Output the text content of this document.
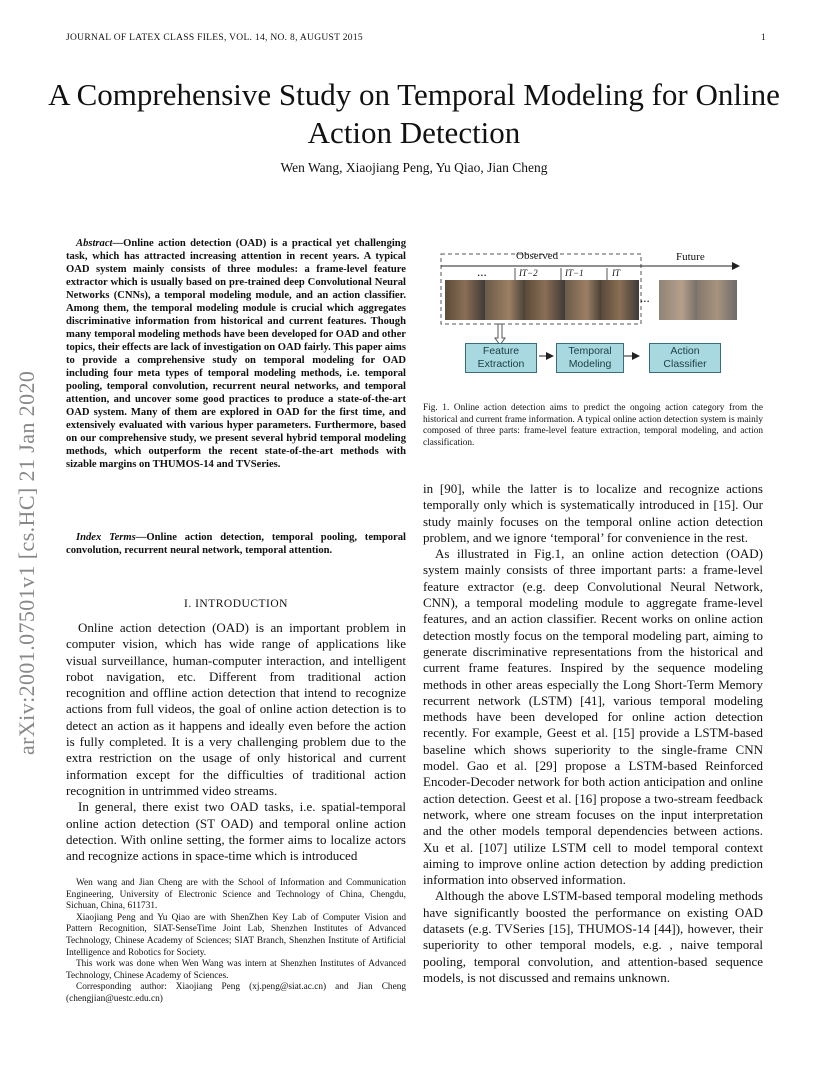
JOURNAL OF LATEX CLASS FILES, VOL. 14, NO. 8, AUGUST 2015	1
A Comprehensive Study on Temporal Modeling for Online Action Detection
Wen Wang, Xiaojiang Peng, Yu Qiao, Jian Cheng
arXiv:2001.07501v1 [cs.HC] 21 Jan 2020

Abstract—Online action detection (OAD) is a practical yet challenging task, which has attracted increasing attention in recent years. A typical OAD system mainly consists of three modules: a frame-level feature extractor which is usually based on pre-trained deep Convolutional Neural Networks (CNNs), a temporal modeling module, and an action classifier. Among them, the temporal modeling module is crucial which aggregates discriminative information from historical and current features. Though many temporal modeling methods have been developed for OAD and other topics, their effects are lack of investigation on OAD fairly. This paper aims to provide a comprehensive study on temporal modeling for OAD including four meta types of temporal modeling methods, i.e. temporal pooling, temporal convolution, recurrent neural networks, and temporal attention, and uncover some good practices to produce a state-of-the-art OAD system. Many of them are explored in OAD for the first time, and extensively evaluated with various hyper parameters. Furthermore, based on our comprehensive study, we present several hybrid temporal modeling methods, which outperform the recent state-of-the-art methods with sizable margins on THUMOS-14 and TVSeries.

Index Terms—Online action detection, temporal pooling, temporal convolution, recurrent neural network, temporal attention.

I. INTRODUCTION

Online action detection (OAD) is an important problem in computer vision, which has wide range of applications like visual surveillance, human-computer interaction, and intelligent robot navigation, etc. Different from traditional action recognition and offline action detection that intend to recognize actions from full videos, the goal of online action detection is to detect an action as it happens and ideally even before the action is fully completed. It is a very challenging problem due to the extra restriction on the usage of only historical and current information except for the difficulties of traditional action recognition in untrimmed video streams.

In general, there exist two OAD tasks, i.e. spatial-temporal online action detection (ST OAD) and temporal online action detection. With online setting, the former aims to localize actors and recognize actions in space-time which is introduced

Wen wang and Jian Cheng are with the School of Information and Communication Engineering, University of Electronic Science and Technology of China, Chengdu, Sichuan, China, 611731.

Xiaojiang Peng and Yu Qiao are with ShenZhen Key Lab of Computer Vision and Pattern Recognition, SIAT-SenseTime Joint Lab, Shenzhen Institutes of Advanced Technology, Chinese Academy of Sciences; SIAT Branch, Shenzhen Institute of Artificial Intelligence and Robotics for Society.

This work was done when Wen Wang was intern at Shenzhen Institutes of Advanced Technology, Chinese Academy of Sciences.

Corresponding author: Xiaojiang Peng (xj.peng@siat.ac.cn) and Jian Cheng (chengjian@uestc.edu.cn)

Observed	Future
...
...
IT−2	IT−1	IT
Feature Extraction
Temporal Modeling
Action Classifier
Fig. 1. Online action detection aims to predict the ongoing action category from the historical and current frame information. A typical online action detection system is mainly composed of three parts: frame-level feature extraction, temporal modeling, and action classification.

in [90], while the latter is to localize and recognize actions temporally only which is systematically introduced in [15]. Our study mainly focuses on the temporal online action detection problem, and we ignore ‘temporal’ for convenience in the rest.

As illustrated in Fig.1, an online action detection (OAD) system mainly consists of three important parts: a frame-level feature extractor (e.g. deep Convolutional Neural Network, CNN), a temporal modeling module to aggregate frame-level features, and an action classifier. Recent works on online action detection mostly focus on the temporal modeling part, aiming to generate discriminative representations from the historical and current frame features. Inspired by the sequence modeling methods in other areas especially the Long Short-Term Memory recurrent network (LSTM) [41], various temporal modeling methods have been developed for online action detection recently. For example, Geest et al. [15] provide a LSTM-based baseline which shows superiority to the single-frame CNN model. Gao et al. [29] propose a LSTM-based Reinforced Encoder-Decoder network for both action anticipation and online action detection. Geest et al. [16] propose a two-stream feedback network, where one stream focuses on the input interpretation and the other models temporal dependencies between actions. Xu et al. [107] utilize LSTM cell to model temporal context aiming to improve online action detection by adding prediction information into observed information.

Although the above LSTM-based temporal modeling methods have significantly boosted the performance on existing OAD datasets (e.g. TVSeries [15], THUMOS-14 [44]), however, their superiority to other temporal models, e.g. , naive temporal pooling, temporal convolution, and attention-based sequence models, is not discussed and remains unknown.
